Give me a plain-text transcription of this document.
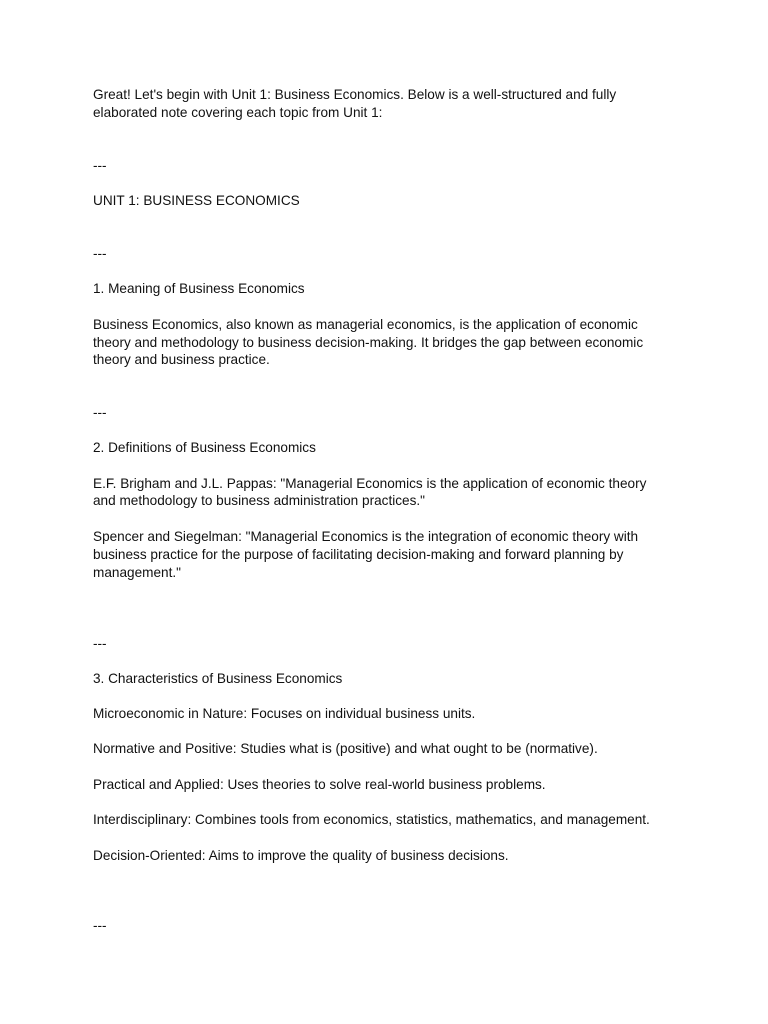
Great! Let's begin with Unit 1: Business Economics. Below is a well-structured and fully

elaborated note covering each topic from Unit 1:

---

UNIT 1: BUSINESS ECONOMICS

---

1. Meaning of Business Economics

Business Economics, also known as managerial economics, is the application of economic

theory and methodology to business decision-making. It bridges the gap between economic

theory and business practice.

---

2. Definitions of Business Economics

E.F. Brigham and J.L. Pappas: "Managerial Economics is the application of economic theory

and methodology to business administration practices."

Spencer and Siegelman: "Managerial Economics is the integration of economic theory with

business practice for the purpose of facilitating decision-making and forward planning by

management."

---

3. Characteristics of Business Economics

Microeconomic in Nature: Focuses on individual business units.

Normative and Positive: Studies what is (positive) and what ought to be (normative).

Practical and Applied: Uses theories to solve real-world business problems.

Interdisciplinary: Combines tools from economics, statistics, mathematics, and management.

Decision-Oriented: Aims to improve the quality of business decisions.

---
